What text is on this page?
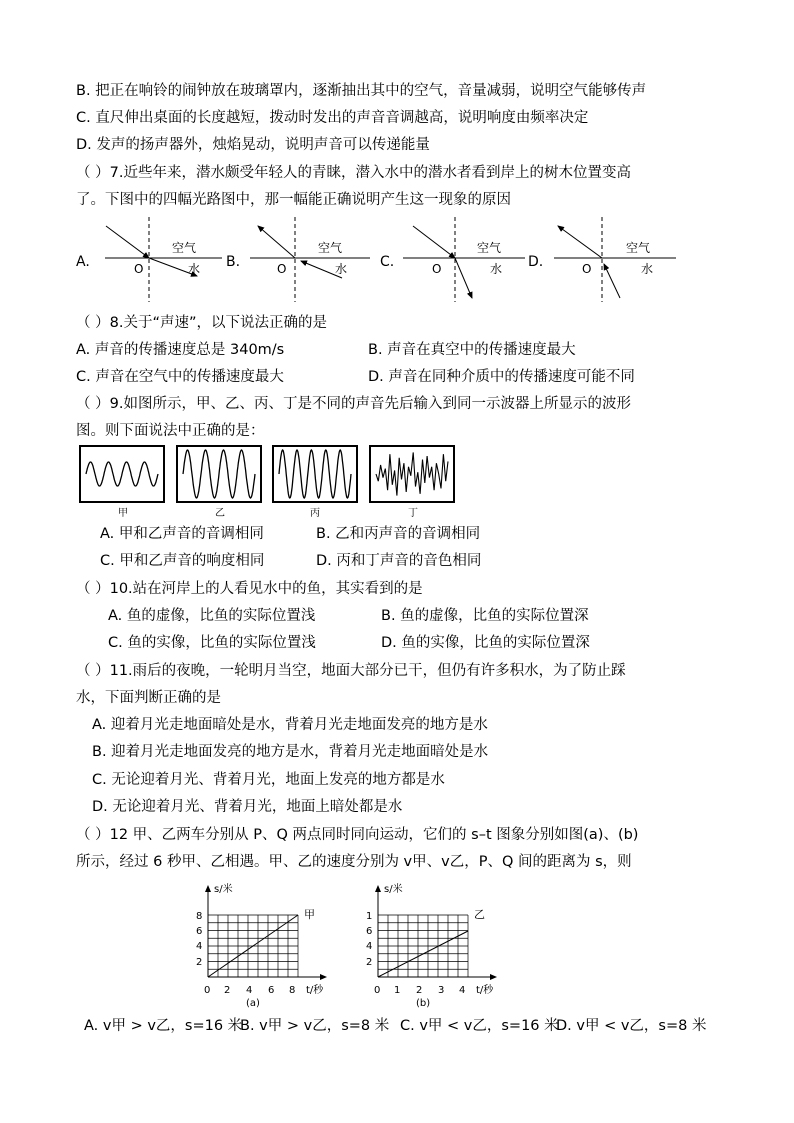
B. 把正在响铃的闹钟放在玻璃罩内，逐渐抽出其中的空气，音量减弱，说明空气能够传声
C. 直尺伸出桌面的长度越短，拨动时发出的声音音调越高，说明响度由频率决定
D. 发声的扬声器外，烛焰晃动，说明声音可以传递能量
（ ）7.近些年来，潜水颇受年轻人的青睐，潜入水中的潜水者看到岸上的树木位置变高
了。下图中的四幅光路图中，那一幅能正确说明产生这一现象的原因
A.
空气
O	水 B.
空气
O	水 C.
空气
O	水 D.
空气
O	水
（ ）8.关于“声速”，以下说法正确的是
A. 声音的传播速度总是 340m/s	B. 声音在真空中的传播速度最大
C. 声音在空气中的传播速度最大	D. 声音在同种介质中的传播速度可能不同
（ ）9.如图所示，甲、乙、丙、丁是不同的声音先后输入到同一示波器上所显示的波形
图。则下面说法中正确的是：
甲	乙	丙	丁
A. 甲和乙声音的音调相同	B. 乙和丙声音的音调相同
C. 甲和乙声音的响度相同	D. 丙和丁声音的音色相同
（ ）10.站在河岸上的人看见水中的鱼，其实看到的是
A. 鱼的虚像，比鱼的实际位置浅	B. 鱼的虚像，比鱼的实际位置深
C. 鱼的实像，比鱼的实际位置浅	D. 鱼的实像，比鱼的实际位置深
（ ）11.雨后的夜晚，一轮明月当空，地面大部分已干，但仍有许多积水，为了防止踩
水，下面判断正确的是
A. 迎着月光走地面暗处是水，背着月光走地面发亮的地方是水
B. 迎着月光走地面发亮的地方是水，背着月光走地面暗处是水
C. 无论迎着月光、背着月光，地面上发亮的地方都是水
D. 无论迎着月光、背着月光，地面上暗处都是水
（ ）12 甲、乙两车分别从 P、Q 两点同时同向运动，它们的 s–t 图象分别如图(a)、(b)
所示，经过 6 秒甲、乙相遇。甲、乙的速度分别为 v甲、v乙，P、Q 间的距离为 s，则
s/米
甲
t/秒
2
4
6
8
0 2 4 6 8
(a)
s/米
乙
t/秒
2
4
6
1
0 1 2 3 4
(b)
A. v甲 > v乙，s=16 米
B. v甲 > v乙，s=8 米 C. v甲 < v乙，s=16 米
D. v甲 < v乙，s=8 米
